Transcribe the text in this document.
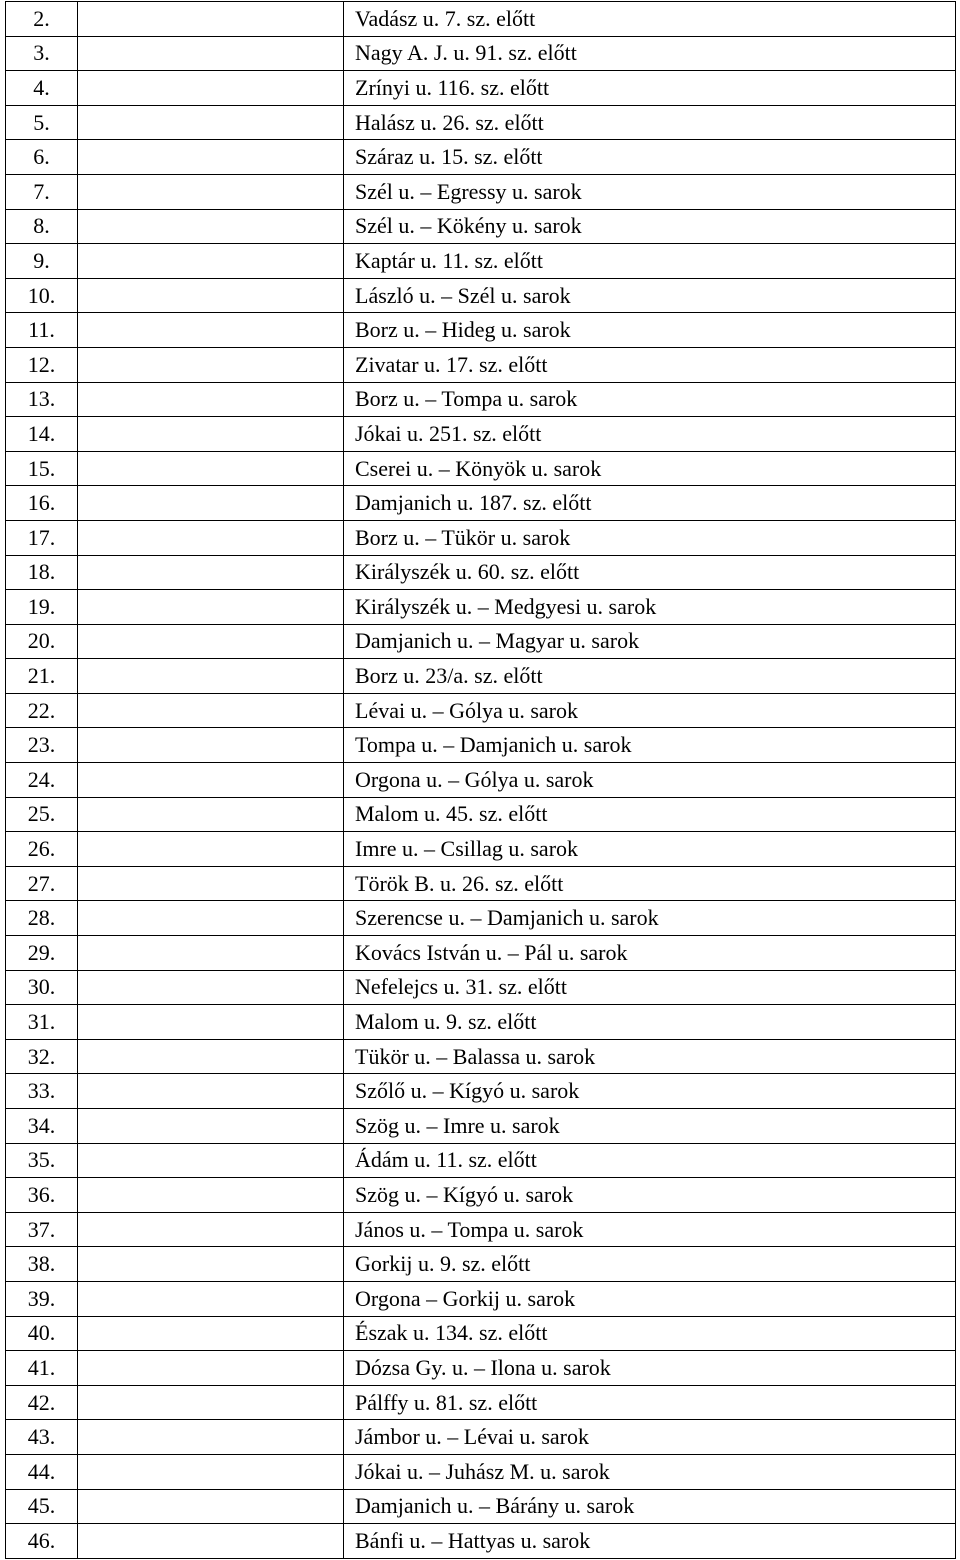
2.		Vadász u. 7. sz. előtt
3.		Nagy A. J. u. 91. sz. előtt
4.		Zrínyi u. 116. sz. előtt
5.		Halász u. 26. sz. előtt
6.		Száraz u. 15. sz. előtt
7.		Szél u. – Egressy u. sarok
8.		Szél u. – Kökény u. sarok
9.		Kaptár u. 11. sz. előtt
10.		László u. – Szél u. sarok
11.		Borz u. – Hideg u. sarok
12.		Zivatar u. 17. sz. előtt
13.		Borz u. – Tompa u. sarok
14.		Jókai u. 251. sz. előtt
15.		Cserei u. – Könyök u. sarok
16.		Damjanich u. 187. sz. előtt
17.		Borz u. – Tükör u. sarok
18.		Királyszék u. 60. sz. előtt
19.		Királyszék u. – Medgyesi u. sarok
20.		Damjanich u. – Magyar u. sarok
21.		Borz u. 23/a. sz. előtt
22.		Lévai u. – Gólya u. sarok
23.		Tompa u. – Damjanich u. sarok
24.		Orgona u. – Gólya u. sarok
25.		Malom u. 45. sz. előtt
26.		Imre u. – Csillag u. sarok
27.		Török B. u. 26. sz. előtt
28.		Szerencse u. – Damjanich u. sarok
29.		Kovács István u. – Pál u. sarok
30.		Nefelejcs u. 31. sz. előtt
31.		Malom u. 9. sz. előtt
32.		Tükör u. – Balassa u. sarok
33.		Szőlő u. – Kígyó u. sarok
34.		Szög u. – Imre u. sarok
35.		Ádám u. 11. sz. előtt
36.		Szög u. – Kígyó u. sarok
37.		János u. – Tompa u. sarok
38.		Gorkij u. 9. sz. előtt
39.		Orgona – Gorkij u. sarok
40.		Észak u. 134. sz. előtt
41.		Dózsa Gy. u. – Ilona u. sarok
42.		Pálffy u. 81. sz. előtt
43.		Jámbor u. – Lévai u. sarok
44.		Jókai u. – Juhász M. u. sarok
45.		Damjanich u. – Bárány u. sarok
46.		Bánfi u. – Hattyas u. sarok
